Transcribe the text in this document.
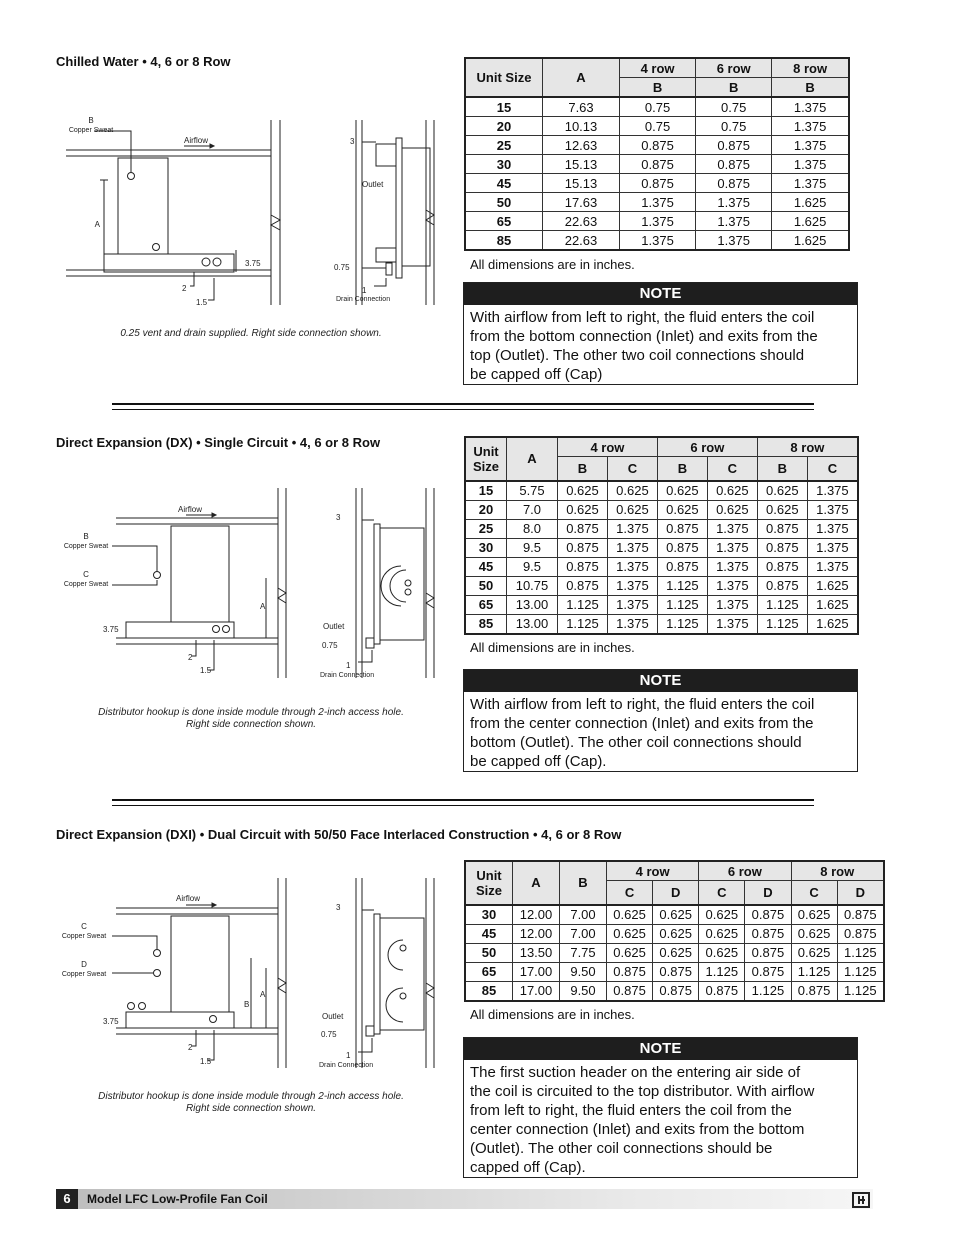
Chilled Water • 4, 6 or 8 Row
B
Copper Sweat
Airflow
A
3.75
2
1.5
3
Outlet
0.75
1
Drain Connection
0.25 vent and drain supplied. Right side connection shown.
Unit Size	A	4 row	6 row	8 row
		B	B	B
15	7.63	0.75	0.75	1.375
20	10.13	0.75	0.75	1.375
25	12.63	0.875	0.875	1.375
30	15.13	0.875	0.875	1.375
45	15.13	0.875	0.875	1.375
50	17.63	1.375	1.375	1.625
65	22.63	1.375	1.375	1.625
85	22.63	1.375	1.375	1.625
All dimensions are in inches.
NOTE
With airflow from left to right, the fluid enters the coil
from the bottom connection (Inlet) and exits from the
top (Outlet). The other two coil connections should
be capped off (Cap)
Direct Expansion (DX) • Single Circuit • 4, 6 or 8 Row
B
Copper Sweat
C
Copper Sweat
Airflow
A
3.75
2
1.5
3
Outlet
0.75
1
Drain Connection
Distributor hookup is done inside module through 2-inch access hole.
Right side connection shown.
Unit Size	A	4 row		6 row		8 row	
		B	C	B	C	B	C
15	5.75	0.625	0.625	0.625	0.625	0.625	1.375
20	7.0	0.625	0.625	0.625	0.625	0.625	1.375
25	8.0	0.875	1.375	0.875	1.375	0.875	1.375
30	9.5	0.875	1.375	0.875	1.375	0.875	1.375
45	9.5	0.875	1.375	0.875	1.375	0.875	1.375
50	10.75	0.875	1.375	1.125	1.375	0.875	1.625
65	13.00	1.125	1.375	1.125	1.375	1.125	1.625
85	13.00	1.125	1.375	1.125	1.375	1.125	1.625
All dimensions are in inches.
NOTE
With airflow from left to right, the fluid enters the coil
from the center connection (Inlet) and exits from the
bottom (Outlet). The other coil connections should
be capped off (Cap).
Direct Expansion (DXI) • Dual Circuit with 50/50 Face Interlaced Construction • 4, 6 or 8 Row
C
Copper Sweat
D
Copper Sweat
Airflow
A
B
3.75
2
1.5
3
Outlet
0.75
1
Drain Connection
Distributor hookup is done inside module through 2-inch access hole.
Right side connection shown.
Unit Size	A	B	4 row		6 row		8 row	
			C	D	C	D	C	D
30	12.00	7.00	0.625	0.625	0.625	0.875	0.625	0.875
45	12.00	7.00	0.625	0.625	0.625	0.875	0.625	0.875
50	13.50	7.75	0.625	0.625	0.625	0.875	0.625	1.125
65	17.00	9.50	0.875	0.875	1.125	0.875	1.125	1.125
85	17.00	9.50	0.875	0.875	0.875	1.125	0.875	1.125
All dimensions are in inches.
NOTE
The first suction header on the entering air side of
the coil is circuited to the top distributor. With airflow
from left to right, the fluid enters the coil from the
center connection (Inlet) and exits from the bottom
(Outlet). The other coil connections should be
capped off (Cap).
6	Model LFC Low-Profile Fan Coil
